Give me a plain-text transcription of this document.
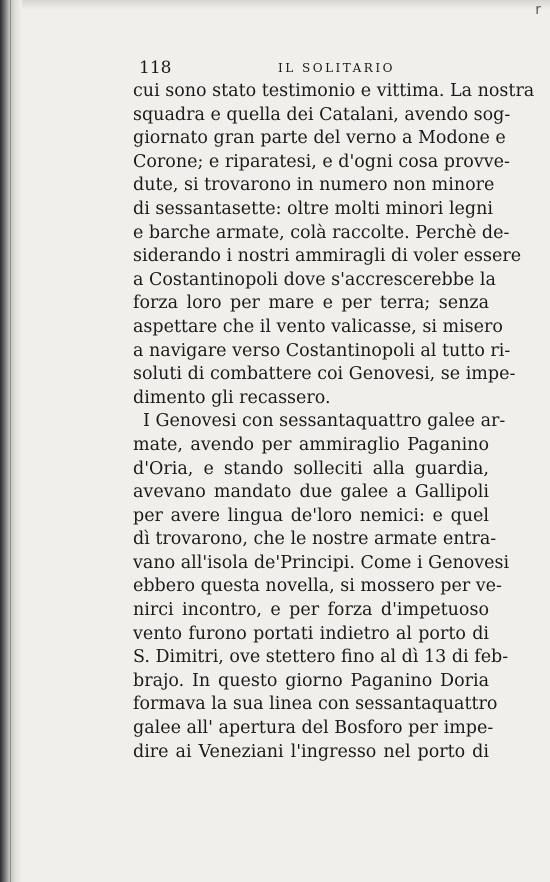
r
118	IL SOLITARIO
cui sono stato testimonio e vittima. La nostra
squadra e quella dei Catalani, avendo sog-
giornato gran parte del verno a Modone e
Corone; e riparatesi, e d'ogni cosa provve-
dute, si trovarono in numero non minore
di sessantasette: oltre molti minori legni
e barche armate, colà raccolte. Perchè de-
siderando i nostri ammiragli di voler essere
a Costantinopoli dove s'accrescerebbe la
forza loro per mare e per terra; senza
aspettare che il vento valicasse, si misero
a navigare verso Costantinopoli al tutto ri-
soluti di combattere coi Genovesi, se impe-
dimento gli recassero.
I Genovesi con sessantaquattro galee ar-
mate, avendo per ammiraglio Paganino
d'Oria, e stando solleciti alla guardia,
avevano mandato due galee a Gallipoli
per avere lingua de'loro nemici: e quel
dì trovarono, che le nostre armate entra-
vano all'isola de'Principi. Come i Genovesi
ebbero questa novella, si mossero per ve-
nirci incontro, e per forza d'impetuoso
vento furono portati indietro al porto di
S. Dimitri, ove stettero fino al dì 13 di feb-
brajo. In questo giorno Paganino Doria
formava la sua linea con sessantaquattro
galee all' apertura del Bosforo per impe-
dire ai Veneziani l'ingresso nel porto di
